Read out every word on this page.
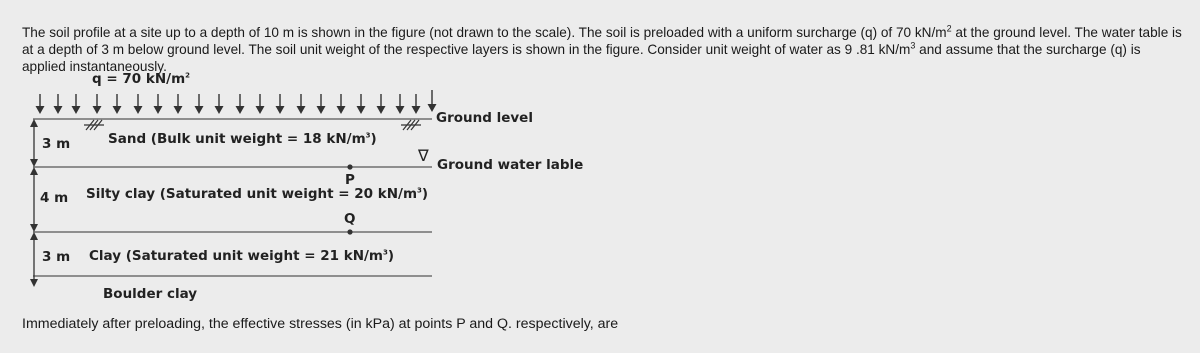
The soil profile at a site up to a depth of 10 m is shown in the figure (not drawn to the scale). The soil is preloaded with a uniform surcharge (q) of 70 $kN/m^2$ at the ground level. The water table is at a depth of 3 m below ground level. The soil unit weight of the respective layers is shown in the figure. Consider unit weight of water as 9 .81 $kN/m^3$ and assume that the surcharge (q) is applied instantaneously.

q = 70 $kN/m^2$
Ground level
∇ Ground water lable
3 m	Sand (Bulk unit weight = 18 $kN/m^3$)
P
4 m Silty clay (Saturated unit weight = 20 $kN/m^3$)
Q
3 m Clay (Saturated unit weight = 21 $kN/m^3$)
Boulder clay
Immediately after preloading, the effective stresses (in kPa) at points P and Q. respectively, are
